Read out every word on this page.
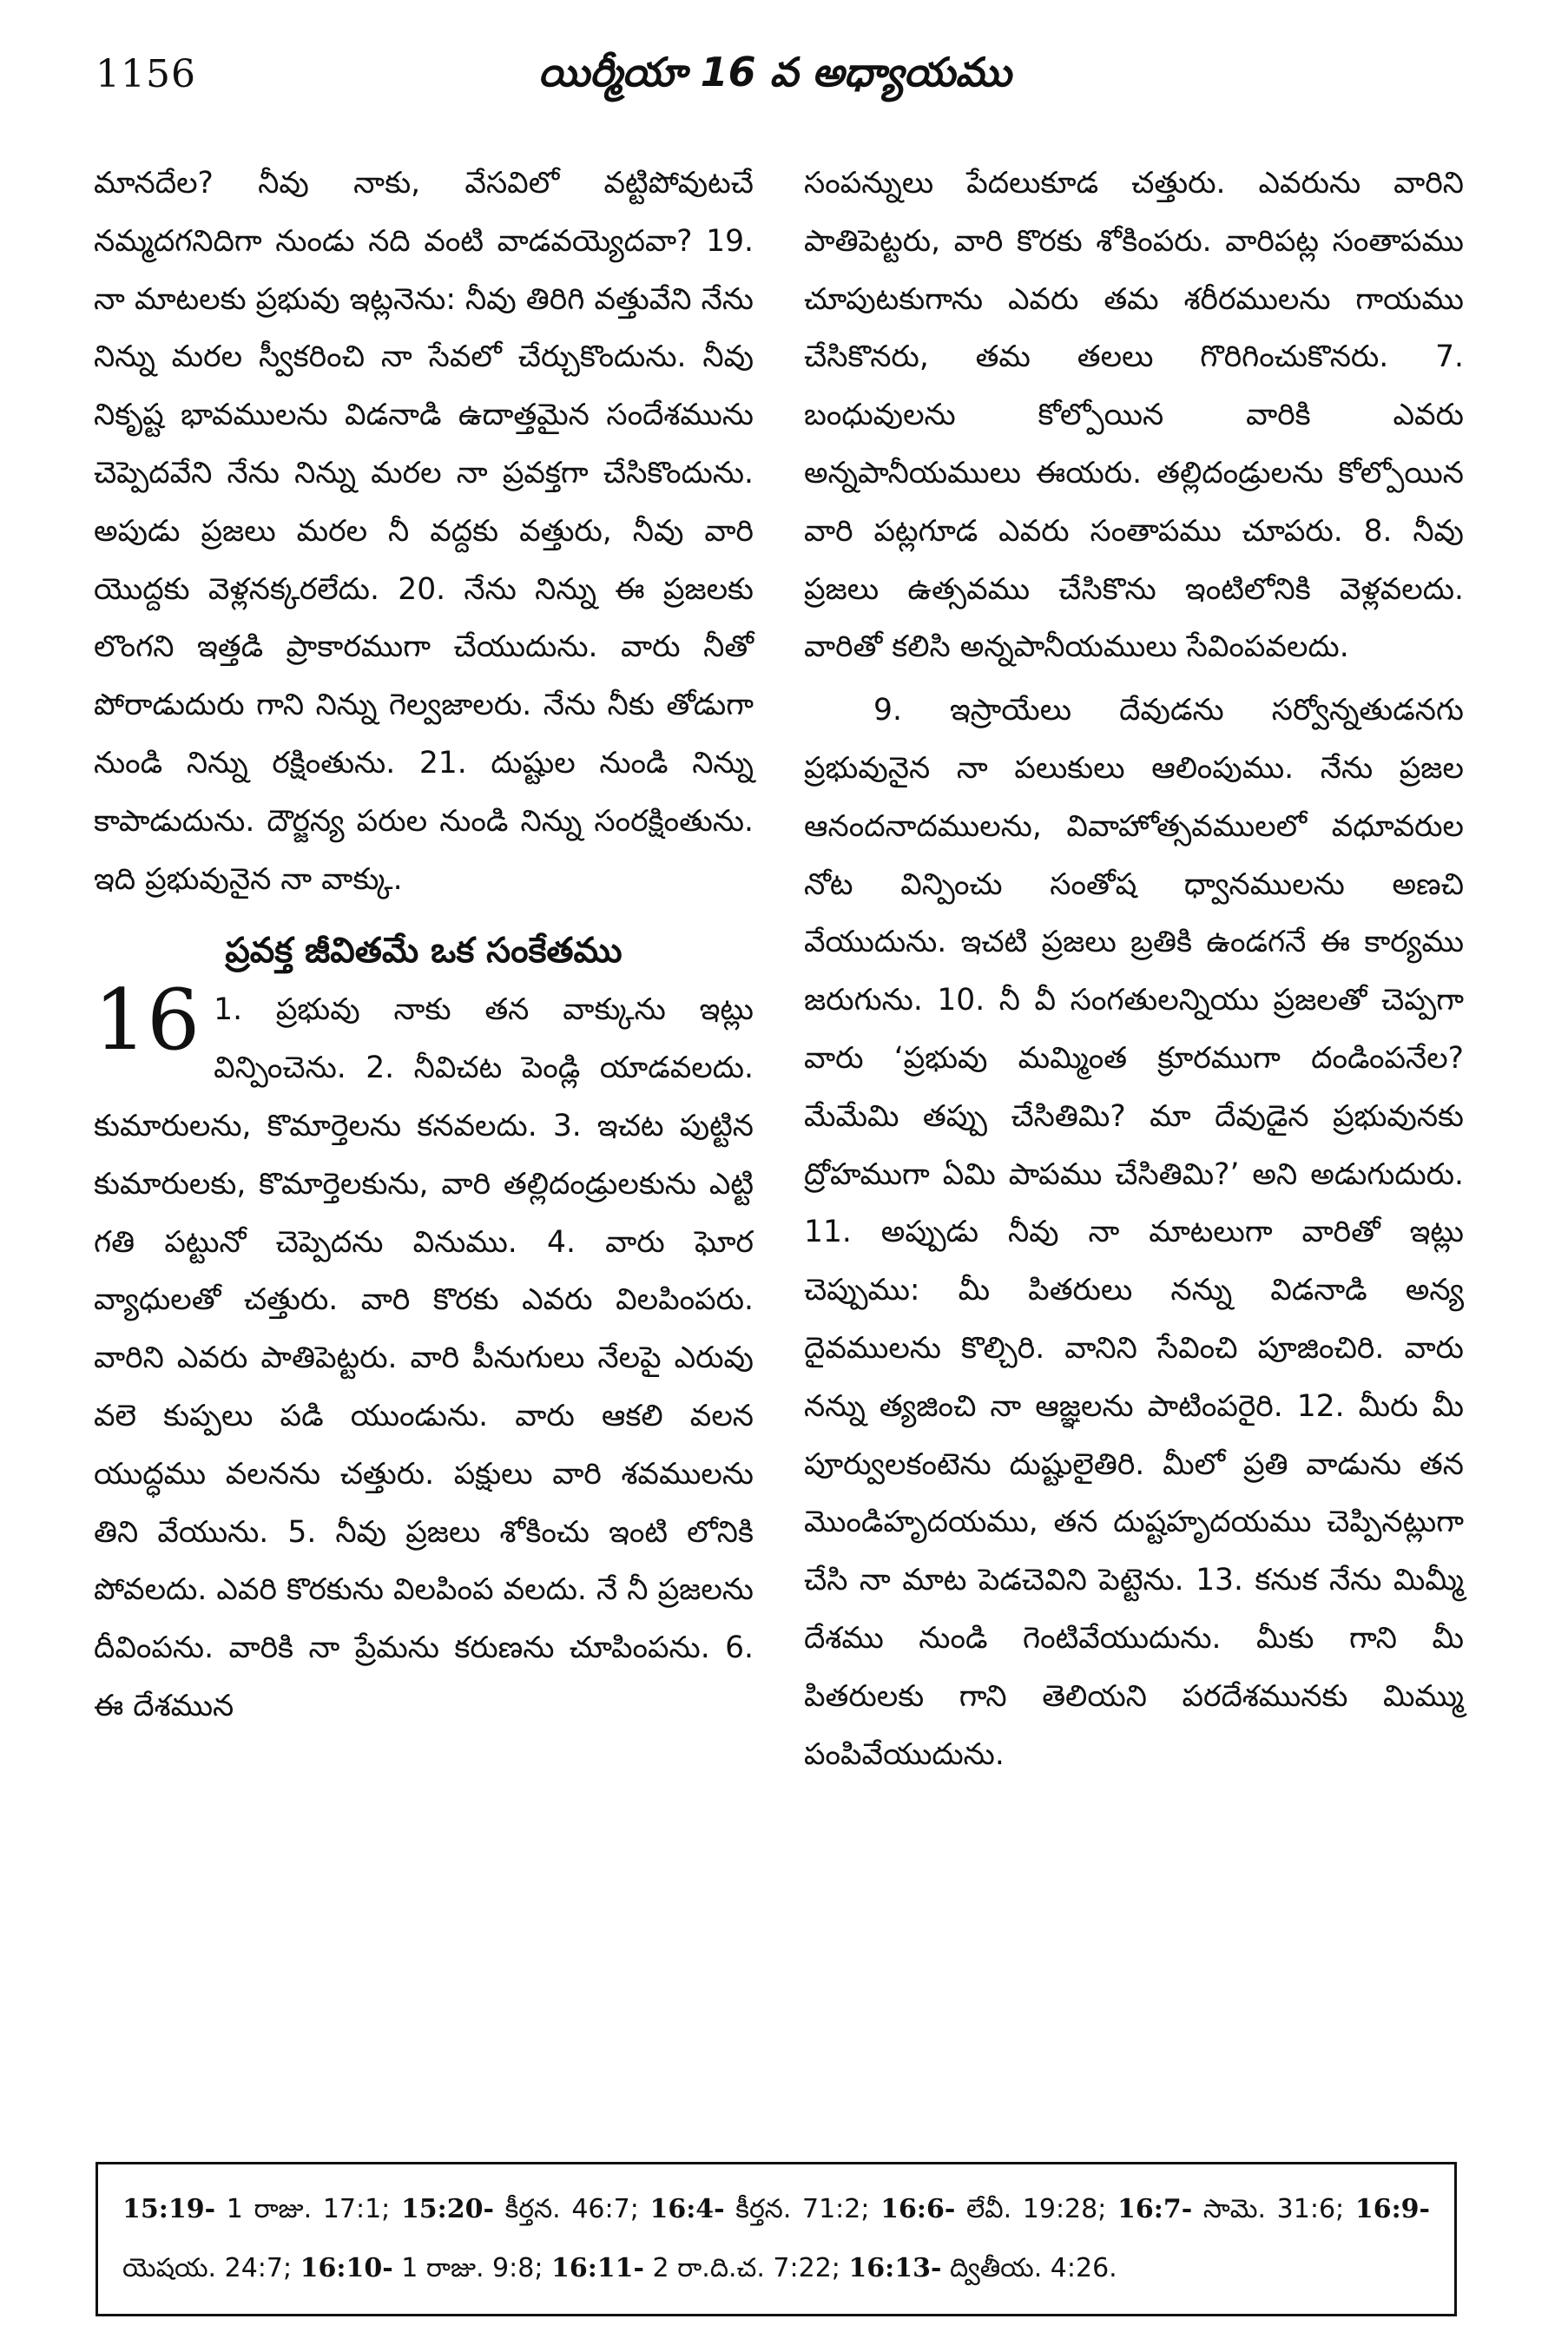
1156	యిర్మీయా 16 వ అధ్యాయము

మానదేల? నీవు నాకు, వేసవిలో వట్టిపోవుటచే నమ్మదగనిదిగా నుండు నది వంటి వాడవయ్యెదవా? 19. నా మాటలకు ప్రభువు ఇట్లనెను: నీవు తిరిగి వత్తువేని నేను నిన్ను మరల స్వీకరించి నా సేవలో చేర్చుకొందును. నీవు నికృష్ట భావములను విడనాడి ఉదాత్తమైన సందేశమును చెప్పెదవేని నేను నిన్ను మరల నా ప్రవక్తగా చేసికొందును. అపుడు ప్రజలు మరల నీ వద్దకు వత్తురు, నీవు వారి యొద్దకు వెళ్లనక్కరలేదు. 20. నేను నిన్ను ఈ ప్రజలకు లొంగని ఇత్తడి ప్రాకారముగా చేయుదును. వారు నీతో పోరాడుదురు గాని నిన్ను గెల్వజాలరు. నేను నీకు తోడుగా నుండి నిన్ను రక్షింతును. 21. దుష్టుల నుండి నిన్ను కాపాడుదును. దౌర్జన్య పరుల నుండి నిన్ను సంరక్షింతును. ఇది ప్రభువునైన నా వాక్కు.

ప్రవక్త జీవితమే ఒక సంకేతము

16 1. ప్రభువు నాకు తన వాక్కును ఇట్లు విన్పించెను. 2. నీవిచట పెండ్లి యాడవలదు. కుమారులను, కొమార్తెలను కనవలదు. 3. ఇచట పుట్టిన కుమారులకు, కొమార్తెలకును, వారి తల్లిదండ్రులకును ఎట్టి గతి పట్టునో చెప్పెదను వినుము. 4. వారు ఘోర వ్యాధులతో చత్తురు. వారి కొరకు ఎవరు విలపింపరు. వారిని ఎవరు పాతిపెట్టరు. వారి పీనుగులు నేలపై ఎరువు వలె కుప్పలు పడి యుండును. వారు ఆకలి వలన యుద్ధము వలనను చత్తురు. పక్షులు వారి శవములను తిని వేయును. 5. నీవు ప్రజలు శోకించు ఇంటి లోనికి పోవలదు. ఎవరి కొరకును విలపింప వలదు. నే నీ ప్రజలను దీవింపను. వారికి నా ప్రేమను కరుణను చూపింపను. 6. ఈ దేశమున

సంపన్నులు పేదలుకూడ చత్తురు. ఎవరును వారిని పాతిపెట్టరు, వారి కొరకు శోకింపరు. వారిపట్ల సంతాపము చూపుటకుగాను ఎవరు తమ శరీరములను గాయము చేసికొనరు, తమ తలలు గొరిగించుకొనరు. 7. బంధువులను కోల్పోయిన వారికి ఎవరు అన్నపానీయములు ఈయరు. తల్లిదండ్రులను కోల్పోయిన వారి పట్లగూడ ఎవరు సంతాపము చూపరు. 8. నీవు ప్రజలు ఉత్సవము చేసికొను ఇంటిలోనికి వెళ్లవలదు. వారితో కలిసి అన్నపానీయములు సేవింపవలదు.

9. ఇస్రాయేలు దేవుడను సర్వోన్నతుడనగు ప్రభువునైన నా పలుకులు ఆలింపుము. నేను ప్రజల ఆనందనాదములను, వివాహోత్సవములలో వధూవరుల నోట విన్పించు సంతోష ధ్వానములను అణచి వేయుదును. ఇచటి ప్రజలు బ్రతికి ఉండగనే ఈ కార్యము జరుగును. 10. నీ వీ సంగతులన్నియు ప్రజలతో చెప్పగా వారు ‘ప్రభువు మమ్మింత క్రూరముగా దండింపనేల? మేమేమి తప్పు చేసితిమి? మా దేవుడైన ప్రభువునకు ద్రోహముగా ఏమి పాపము చేసితిమి?’ అని అడుగుదురు. 11. అప్పుడు నీవు నా మాటలుగా వారితో ఇట్లు చెప్పుము: మీ పితరులు నన్ను విడనాడి అన్య దైవములను కొల్చిరి. వానిని సేవించి పూజించిరి. వారు నన్ను త్యజించి నా ఆజ్ఞలను పాటింపరైరి. 12. మీరు మీ పూర్వులకంటెను దుష్టులైతిరి. మీలో ప్రతి వాడును తన మొండిహృదయము, తన దుష్టహృదయము చెప్పినట్లుగా చేసి నా మాట పెడచెవిని పెట్టెను. 13. కనుక నేను మిమ్మీ దేశము నుండి గెంటివేయుదును. మీకు గాని మీ పితరులకు గాని తెలియని పరదేశమునకు మిమ్ము పంపివేయుదును.

15:19- 1 రాజు. 17:1; 15:20- కీర్తన. 46:7; 16:4- కీర్తన. 71:2; 16:6- లేవీ. 19:28; 16:7- సామె. 31:6; 16:9- యెషయ. 24:7; 16:10- 1 రాజు. 9:8; 16:11- 2 రా.ది.చ. 7:22; 16:13- ద్వితీయ. 4:26.
